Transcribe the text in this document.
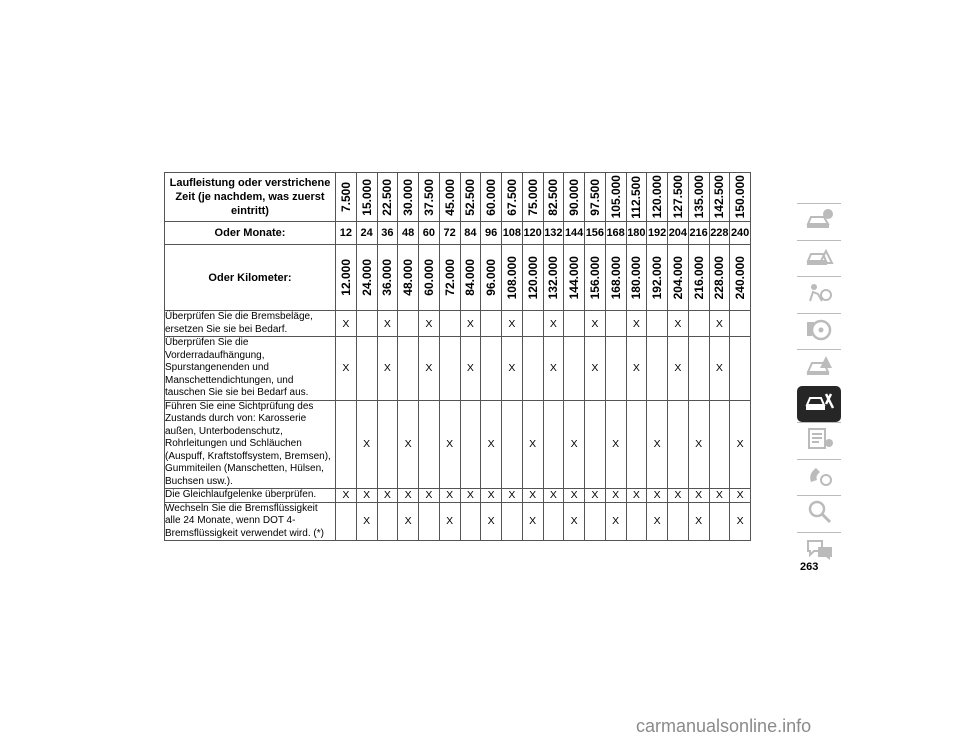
Laufleistung oder verstrichene Zeit (je nachdem, was zuerst eintritt)	7.500	15.000	22.500	30.000	37.500	45.000	52.500	60.000	67.500	75.000	82.500	90.000	97.500	105.000	112.500	120.000	127.500	135.000	142.500	150.000

Oder Monate:	12	24	36	48	60	72	84	96	108	120	132	144	156	168	180	192	204	216	228	240
Oder Kilometer:	12.000	24.000	36.000	48.000	60.000	72.000	84.000	96.000	108.000	120.000	132.000	144.000	156.000	168.000	180.000	192.000	204.000	216.000	228.000	240.000

Überprüfen Sie die Bremsbeläge, ersetzen Sie sie bei Bedarf.	X		X		X		X		X		X		X		X		X		X	
Überprüfen Sie die Vorderradaufhängung, Spurstangenenden und Manschettendichtungen, und tauschen Sie sie bei Bedarf aus.	X		X		X		X		X		X		X		X		X		X	
Führen Sie eine Sichtprüfung des Zustands durch von: Karosserie außen, Unterbodenschutz, Rohrleitungen und Schläuchen (Auspuff, Kraftstoffsystem, Bremsen), Gummiteilen (Manschetten, Hülsen, Buchsen usw.).		X		X		X		X		X		X		X		X		X		X
Die Gleichlaufgelenke überprüfen.	X	X	X	X	X	X	X	X	X	X	X	X	X	X	X	X	X	X	X	X
Wechseln Sie die Bremsflüssigkeit alle 24 Monate, wenn DOT 4-Bremsflüssigkeit verwendet wird. (*)		X		X		X		X		X		X		X		X		X		X
263
carmanualsonline.info
